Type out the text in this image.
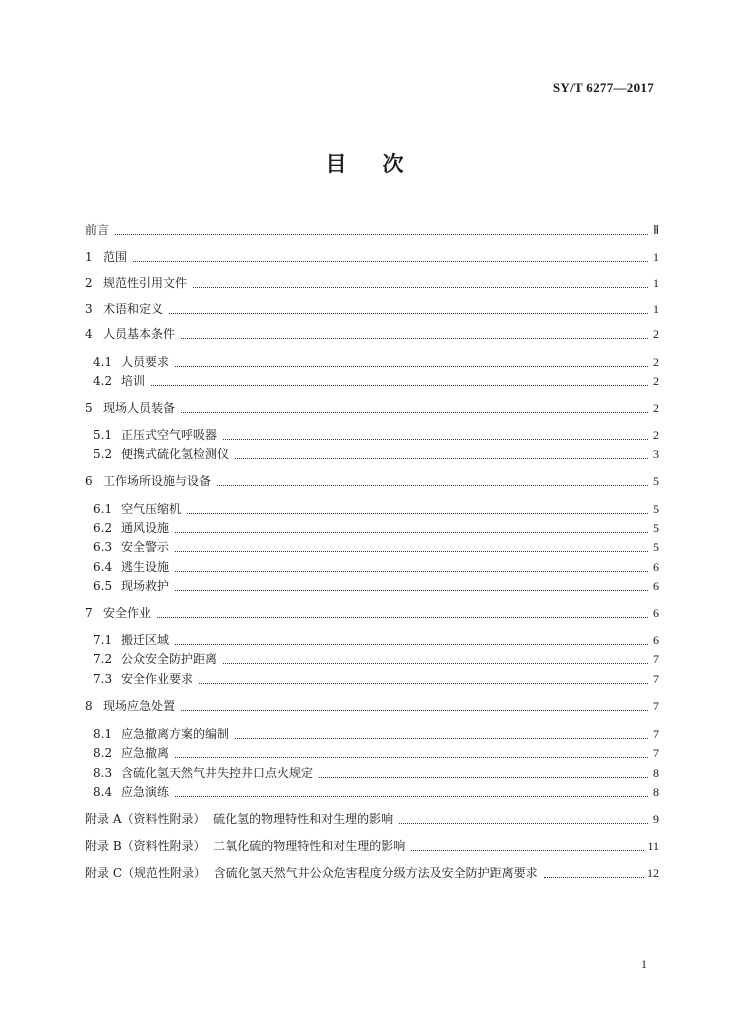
SY/T 6277—2017
目 次
前言	Ⅱ
1 范围	1
2 规范性引用文件	1
3 术语和定义	1
4 人员基本条件	2
4.1 人员要求	2
4.2 培训	2
5 现场人员装备	2
5.1 正压式空气呼吸器	2
5.2 便携式硫化氢检测仪	3
6 工作场所设施与设备	5
6.1 空气压缩机	5
6.2 通风设施	5
6.3 安全警示	5
6.4 逃生设施	6
6.5 现场救护	6
7 安全作业	6
7.1 搬迁区域	6
7.2 公众安全防护距离	7
7.3 安全作业要求	7
8 现场应急处置	7
8.1 应急撤离方案的编制	7
8.2 应急撤离	7
8.3 含硫化氢天然气井失控井口点火规定	8
8.4 应急演练	8
附录 A（资料性附录）  硫化氢的物理特性和对生理的影响	9
附录 B（资料性附录）  二氧化硫的物理特性和对生理的影响	11
附录 C（规范性附录）  含硫化氢天然气井公众危害程度分级方法及安全防护距离要求	12
1
